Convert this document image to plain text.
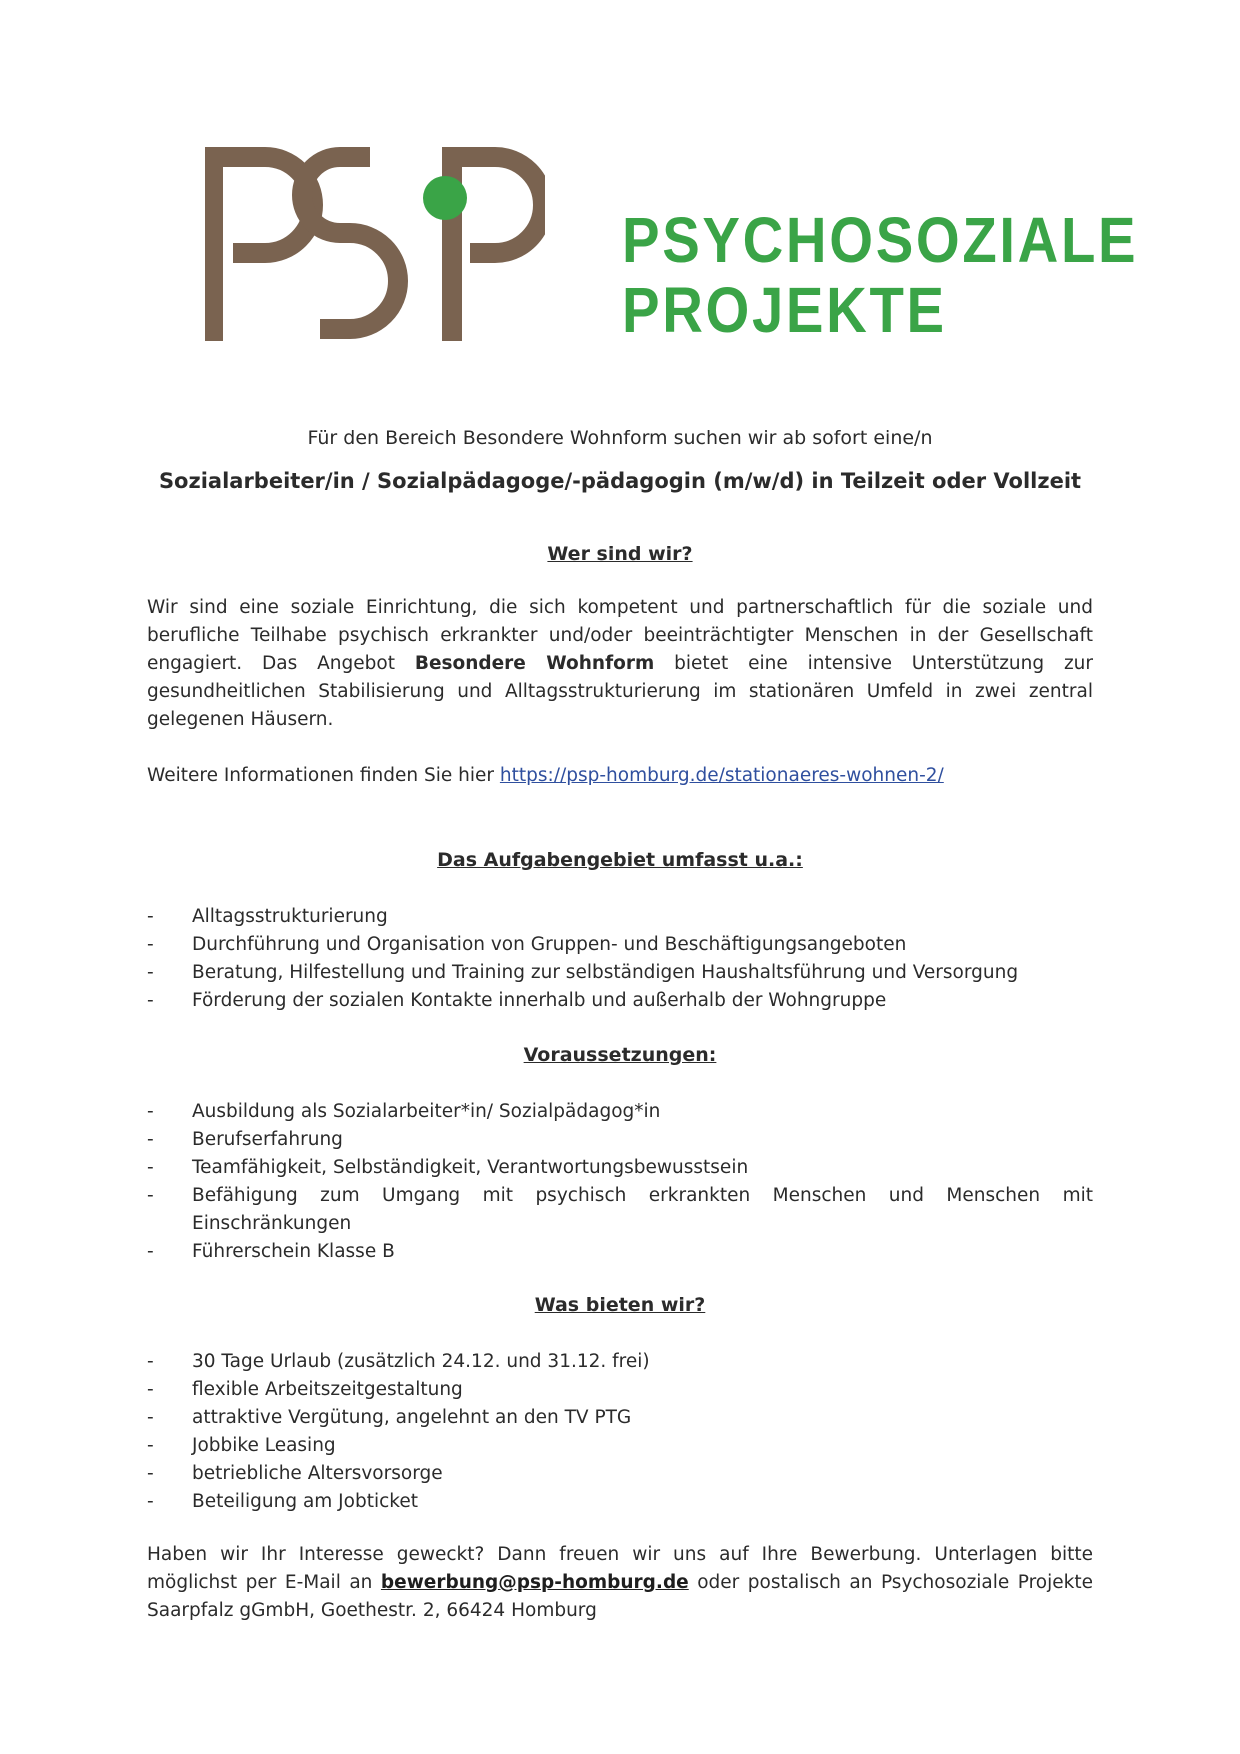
PSYCHOSOZIALE
PROJEKTE
Für den Bereich Besondere Wohnform suchen wir ab sofort eine/n
Sozialarbeiter/in / Sozialpädagoge/-pädagogin (m/w/d) in Teilzeit oder Vollzeit
Wer sind wir?
Wir sind eine soziale Einrichtung, die sich kompetent und partnerschaftlich für die soziale und berufliche Teilhabe psychisch erkrankter und/oder beeinträchtigter Menschen in der Gesellschaft engagiert. Das Angebot Besondere Wohnform bietet eine intensive Unterstützung zur gesundheitlichen Stabilisierung und Alltagsstrukturierung im stationären Umfeld in zwei zentral gelegenen Häusern.
Weitere Informationen finden Sie hier https://psp-homburg.de/stationaeres-wohnen-2/
Das Aufgabengebiet umfasst u.a.:
- Alltagsstrukturierung
- Durchführung und Organisation von Gruppen- und Beschäftigungsangeboten
- Beratung, Hilfestellung und Training zur selbständigen Haushaltsführung und Versorgung
- Förderung der sozialen Kontakte innerhalb und außerhalb der Wohngruppe
Voraussetzungen:
- Ausbildung als Sozialarbeiter*in/ Sozialpädagog*in
- Berufserfahrung
- Teamfähigkeit, Selbständigkeit, Verantwortungsbewusstsein
- Befähigung zum Umgang mit psychisch erkrankten Menschen und Menschen mit Einschränkungen
- Führerschein Klasse B
Was bieten wir?
- 30 Tage Urlaub (zusätzlich 24.12. und 31.12. frei)
- flexible Arbeitszeitgestaltung
- attraktive Vergütung, angelehnt an den TV PTG
- Jobbike Leasing
- betriebliche Altersvorsorge
- Beteiligung am Jobticket
Haben wir Ihr Interesse geweckt? Dann freuen wir uns auf Ihre Bewerbung. Unterlagen bitte möglichst per E-Mail an bewerbung@psp-homburg.de oder postalisch an Psychosoziale Projekte Saarpfalz gGmbH, Goethestr. 2, 66424 Homburg
